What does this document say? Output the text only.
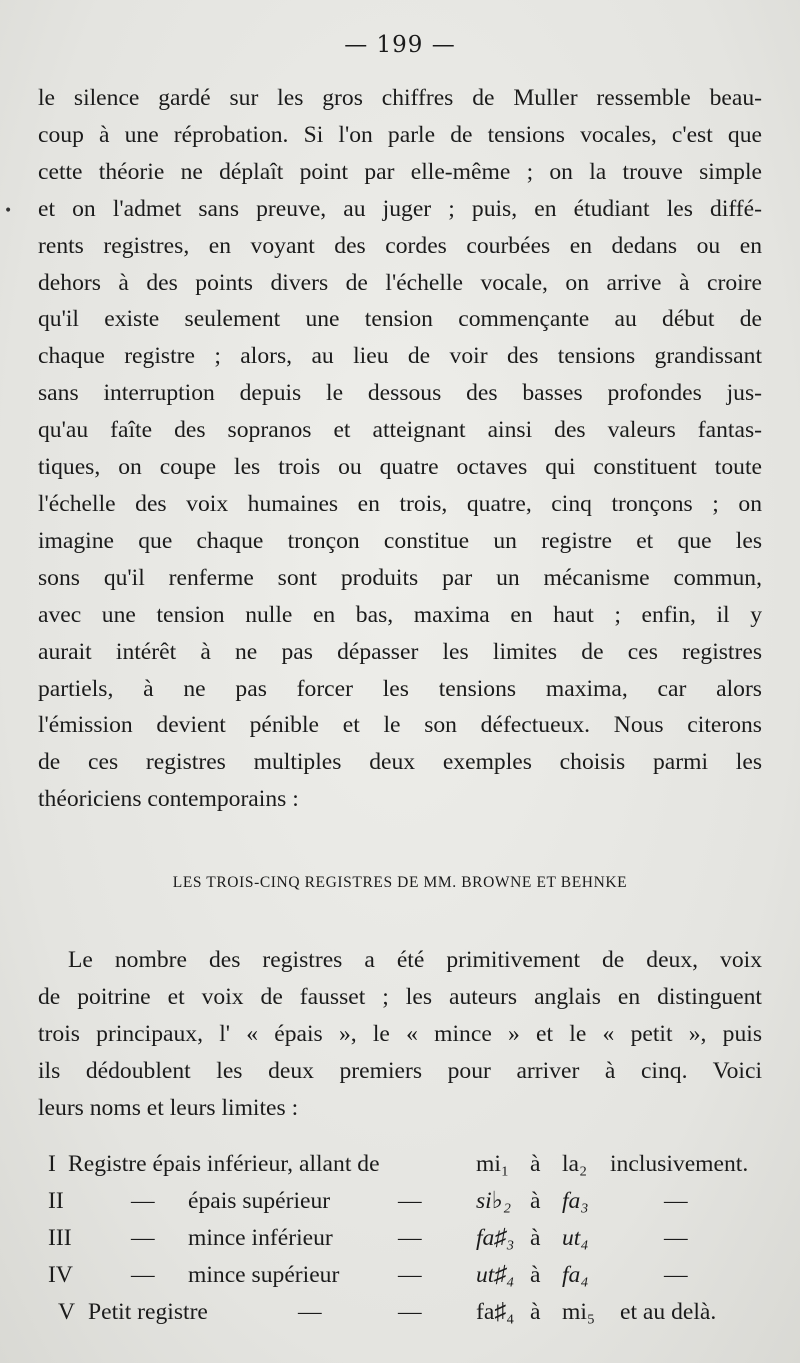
•
— 199 —
le silence gardé sur les gros chiffres de Muller ressemble beau-
coup à une réprobation. Si l'on parle de tensions vocales, c'est que
cette théorie ne déplaît point par elle-même ; on la trouve simple
et on l'admet sans preuve, au juger ; puis, en étudiant les diffé-
rents registres, en voyant des cordes courbées en dedans ou en
dehors à des points divers de l'échelle vocale, on arrive à croire
qu'il existe seulement une tension commençante au début de
chaque registre ; alors, au lieu de voir des tensions grandissant
sans interruption depuis le dessous des basses profondes jus-
qu'au faîte des sopranos et atteignant ainsi des valeurs fantas-
tiques, on coupe les trois ou quatre octaves qui constituent toute
l'échelle des voix humaines en trois, quatre, cinq tronçons ; on
imagine que chaque tronçon constitue un registre et que les
sons qu'il renferme sont produits par un mécanisme commun,
avec une tension nulle en bas, maxima en haut ; enfin, il y
aurait intérêt à ne pas dépasser les limites de ces registres
partiels, à ne pas forcer les tensions maxima, car alors
l'émission devient pénible et le son défectueux. Nous citerons
de ces registres multiples deux exemples choisis parmi les
théoriciens contemporains :
LES TROIS-CINQ REGISTRES DE MM. BROWNE ET BEHNKE
Le nombre des registres a été primitivement de deux, voix
de poitrine et voix de fausset ; les auteurs anglais en distinguent
trois principaux, l' « épais », le « mince » et le « petit », puis
ils dédoublent les deux premiers pour arriver à cinq. Voici
leurs noms et leurs limites :
I Registre épais inférieur, allant de	mi₁ à la₂ inclusivement.
II	— épais supérieur	— si♭₂ à fa₃	—
III	— mince inférieur	— fa♯₃ à ut₄	—
IV — mince supérieur — ut♯₄ à fa₄	—
V Petit registre	—	— fa♯₄ à mi₅ et au delà.
